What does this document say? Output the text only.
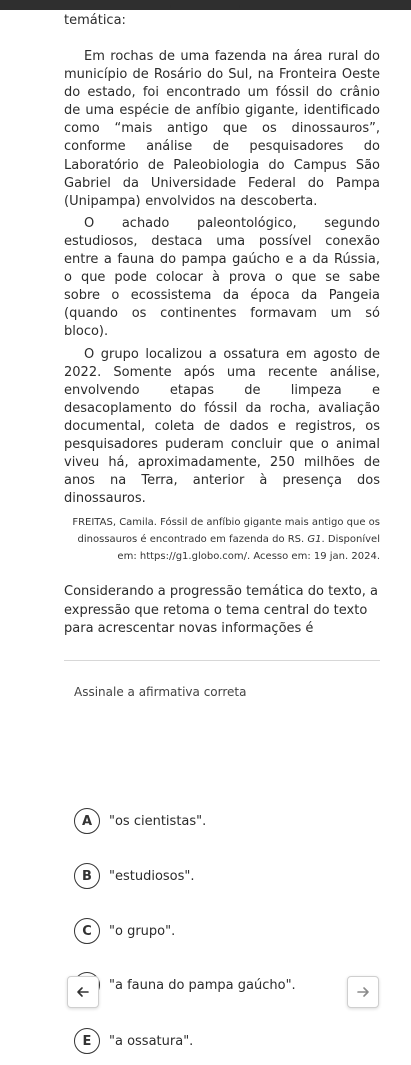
temática:

Em rochas de uma fazenda na área rural do município de Rosário do Sul, na Fronteira Oeste do estado, foi encontrado um fóssil do crânio de uma espécie de anfíbio gigante, identificado como “mais antigo que os dinossauros”, conforme análise de pesquisadores do Laboratório de Paleobiologia do Campus São Gabriel da Universidade Federal do Pampa (Unipampa) envolvidos na descoberta.

O achado paleontológico, segundo estudiosos, destaca uma possível conexão entre a fauna do pampa gaúcho e a da Rússia, o que pode colocar à prova o que se sabe sobre o ecossistema da época da Pangeia (quando os continentes formavam um só bloco).

O grupo localizou a ossatura em agosto de 2022. Somente após uma recente análise, envolvendo etapas de limpeza e desacoplamento do fóssil da rocha, avaliação documental, coleta de dados e registros, os pesquisadores puderam concluir que o animal viveu há, aproximadamente, 250 milhões de anos na Terra, anterior à presença dos dinossauros.

FREITAS, Camila. Fóssil de anfíbio gigante mais antigo que os dinossauros é encontrado em fazenda do RS. G1. Disponível em: https://g1.globo.com/. Acesso em: 19 jan. 2024.
Considerando a progressão temática do texto, a expressão que retoma o tema central do texto para acrescentar novas informações é
Assinale a afirmativa correta
A	"os cientistas".
B	"estudiosos".
C	"o grupo".
"a fauna do pampa gaúcho".
E	"a ossatura".
